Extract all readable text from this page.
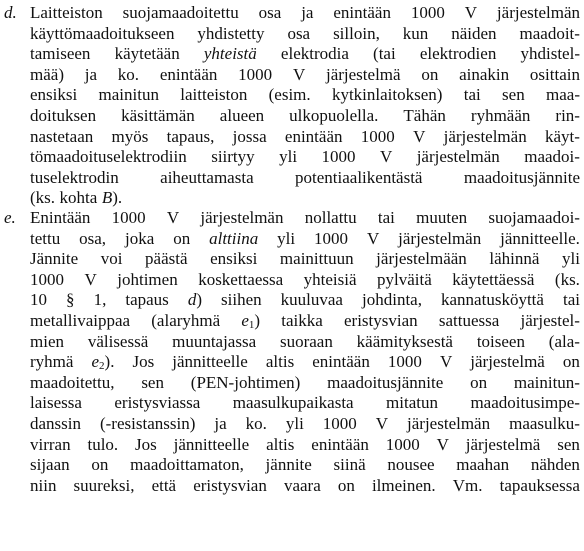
d. Laitteiston suojamaadoitettu osa ja enintään 1000 V järjestelmän
käyttömaadoitukseen yhdistetty osa silloin, kun näiden maadoit-
tamiseen käytetään yhteistä elektrodia (tai elektrodien yhdistel-
mää) ja ko. enintään 1000 V järjestelmä on ainakin osittain
ensiksi mainitun laitteiston (esim. kytkinlaitoksen) tai sen maa-
doituksen käsittämän alueen ulkopuolella. Tähän ryhmään rin-
nastetaan myös tapaus, jossa enintään 1000 V järjestelmän käyt-
tömaadoituselektrodiin siirtyy yli 1000 V järjestelmän maadoi-
tuselektrodin aiheuttamasta potentiaalikentästä maadoitusjännite
(ks. kohta B).
e. Enintään 1000 V järjestelmän nollattu tai muuten suojamaadoi-
tettu osa, joka on alttiina yli 1000 V järjestelmän jännitteelle.
Jännite voi päästä ensiksi mainittuun järjestelmään lähinnä yli
1000 V johtimen koskettaessa yhteisiä pylväitä käytettäessä (ks.
10 § 1, tapaus d) siihen kuuluvaa johdinta, kannatusköyttä tai
metallivaippaa (alaryhmä $e_1$) taikka eristysvian sattuessa järjestel-
mien välisessä muuntajassa suoraan käämityksestä toiseen (ala-
ryhmä $e_2$). Jos jännitteelle altis enintään 1000 V järjestelmä on
maadoitettu, sen (PEN-johtimen) maadoitusjännite on mainitun-
laisessa eristysviassa maasulkupaikasta mitatun maadoitusimpe-
danssin (-resistanssin) ja ko. yli 1000 V järjestelmän maasulku-
virran tulo. Jos jännitteelle altis enintään 1000 V järjestelmä sen
sijaan on maadoittamaton, jännite siinä nousee maahan nähden
niin suureksi, että eristysvian vaara on ilmeinen. Vm. tapauksessa
